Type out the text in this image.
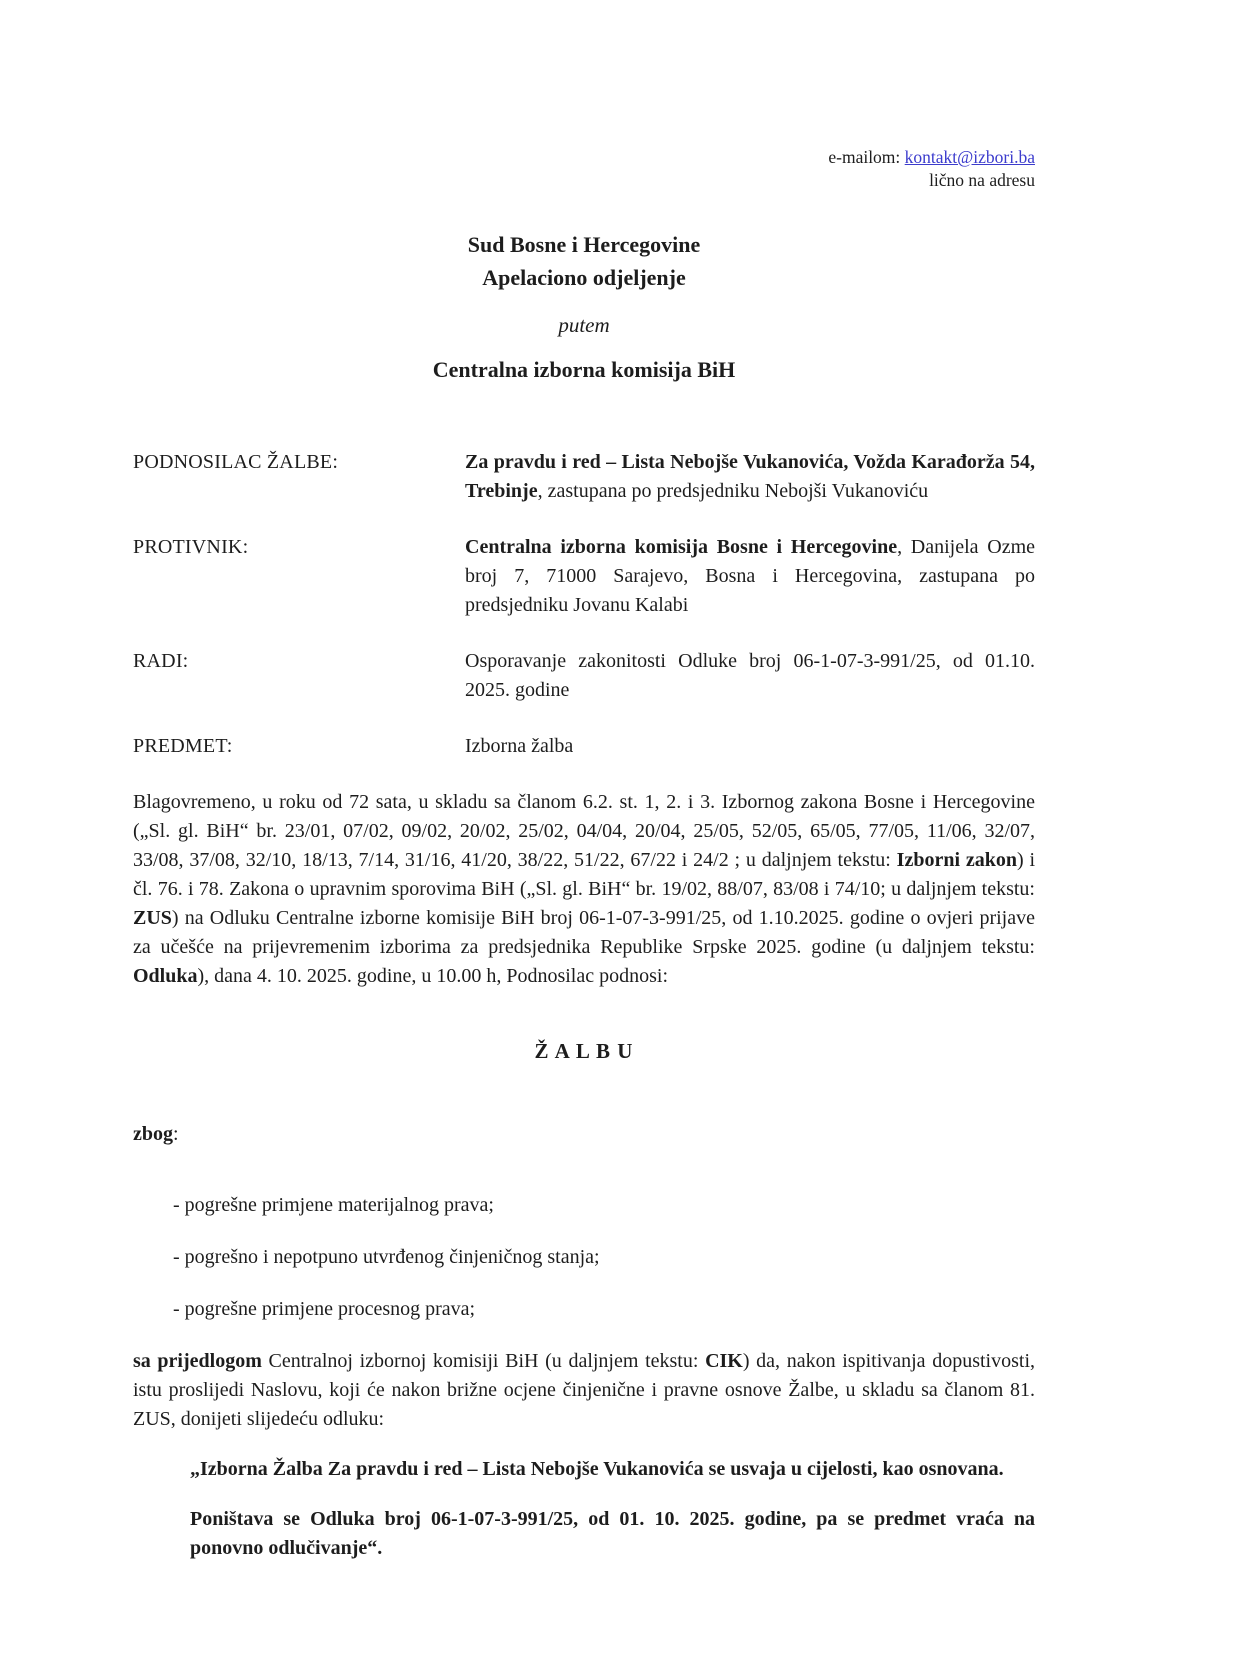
e-mailom: kontakt@izbori.ba
lično na adresu
Sud Bosne i Hercegovine
Apelaciono odjeljenje
putem
Centralna izborna komisija BiH
PODNOSILAC ŽALBE:	Za pravdu i red – Lista Nebojše Vukanovića, Vožda Karađorža 54, Trebinje, zastupana po predsjedniku Nebojši Vukanoviću
PROTIVNIK:	Centralna izborna komisija Bosne i Hercegovine, Danijela Ozme broj 7, 71000 Sarajevo, Bosna i Hercegovina, zastupana po predsjedniku Jovanu Kalabi
RADI:	Osporavanje zakonitosti Odluke broj 06-1-07-3-991/25, od 01.10. 2025. godine
PREDMET:	Izborna žalba

Blagovremeno, u roku od 72 sata, u skladu sa članom 6.2. st. 1, 2. i 3. Izbornog zakona Bosne i Hercegovine („Sl. gl. BiH“ br. 23/01, 07/02, 09/02, 20/02, 25/02, 04/04, 20/04, 25/05, 52/05, 65/05, 77/05, 11/06, 32/07, 33/08, 37/08, 32/10, 18/13, 7/14, 31/16, 41/20, 38/22, 51/22, 67/22 i 24/2 ; u daljnjem tekstu: Izborni zakon) i čl. 76. i 78. Zakona o upravnim sporovima BiH („Sl. gl. BiH“ br. 19/02, 88/07, 83/08 i 74/10; u daljnjem tekstu: ZUS) na Odluku Centralne izborne komisije BiH broj 06-1-07-3-991/25, od 1.10.2025. godine o ovjeri prijave za učešće na prijevremenim izborima za predsjednika Republike Srpske 2025. godine (u daljnjem tekstu: Odluka), dana 4. 10. 2025. godine, u 10.00 h, Podnosilac podnosi:

Ž A L B U
zbog:
- pogrešne primjene materijalnog prava;
- pogrešno i nepotpuno utvrđenog činjeničnog stanja;
- pogrešne primjene procesnog prava;

sa prijedlogom Centralnoj izbornoj komisiji BiH (u daljnjem tekstu: CIK) da, nakon ispitivanja dopustivosti, istu proslijedi Naslovu, koji će nakon brižne ocjene činjenične i pravne osnove Žalbe, u skladu sa članom 81. ZUS, donijeti slijedeću odluku:

„Izborna Žalba Za pravdu i red – Lista Nebojše Vukanovića se usvaja u cijelosti, kao osnovana.

Poništava se Odluka broj 06-1-07-3-991/25, od 01. 10. 2025. godine, pa se predmet vraća na ponovno odlučivanje“.
